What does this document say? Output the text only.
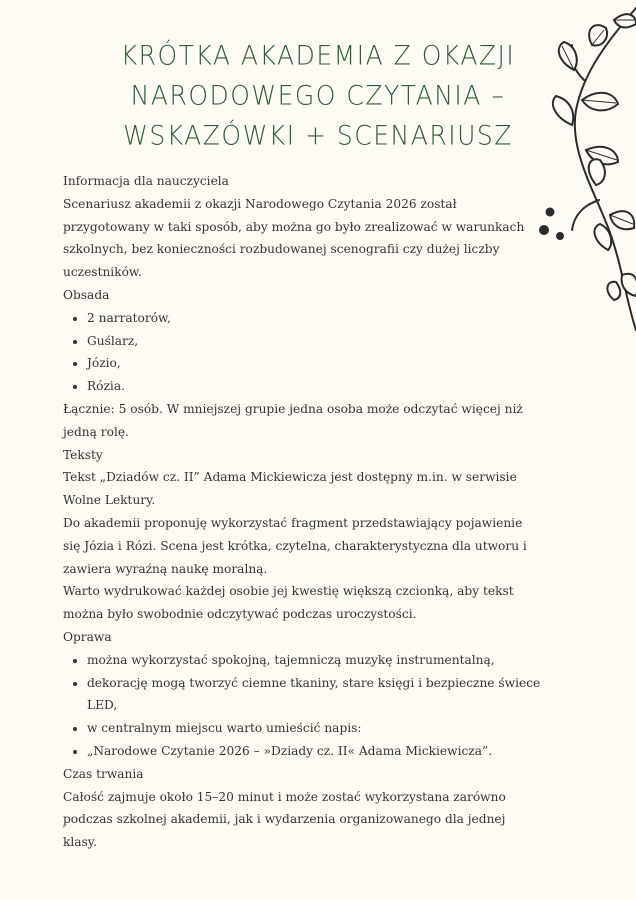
KRÓTKA AKADEMIA Z OKAZJI
NARODOWEGO CZYTANIA –
WSKAZÓWKI + SCENARIUSZ

Informacja dla nauczyciela

Scenariusz akademii z okazji Narodowego Czytania 2026 został przygotowany w taki sposób, aby można go było zrealizować w warunkach szkolnych, bez konieczności rozbudowanej scenografii czy dużej liczby uczestników.

Obsada

• 2 narratorów,
• Guślarz,
• Józio,
• Rózia.

Łącznie: 5 osób. W mniejszej grupie jedna osoba może odczytać więcej niż jedną rolę.

Teksty

Tekst „Dziadów cz. II” Adama Mickiewicza jest dostępny m.in. w serwisie Wolne Lektury.

Do akademii proponuję wykorzystać fragment przedstawiający pojawienie się Józia i Rózi. Scena jest krótka, czytelna, charakterystyczna dla utworu i zawiera wyraźną naukę moralną.

Warto wydrukować każdej osobie jej kwestię większą czcionką, aby tekst można było swobodnie odczytywać podczas uroczystości.

Oprawa

• można wykorzystać spokojną, tajemniczą muzykę instrumentalną,
• dekorację mogą tworzyć ciemne tkaniny, stare księgi i bezpieczne świece LED,
• w centralnym miejscu warto umieścić napis:
• „Narodowe Czytanie 2026 – »Dziady cz. II« Adama Mickiewicza”.

Czas trwania

Całość zajmuje około 15–20 minut i może zostać wykorzystana zarówno podczas szkolnej akademii, jak i wydarzenia organizowanego dla jednej klasy.
